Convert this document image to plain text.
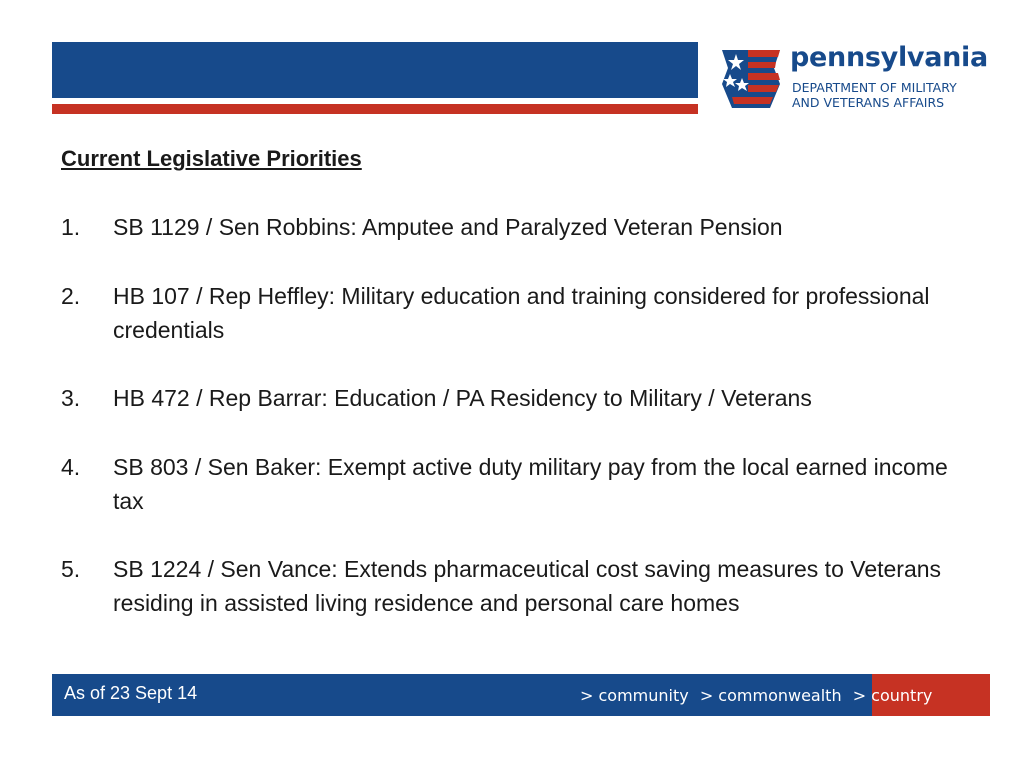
POLICY, PLANNING & LEGISLATIVE AFFAIRS
pennsylvania
DEPARTMENT OF MILITARY
AND VETERANS AFFAIRS
Current Legislative Priorities
1. SB 1129 / Sen Robbins: Amputee and Paralyzed Veteran Pension
2. HB 107 / Rep Heffley: Military education and training considered for professional credentials
3. HB 472 / Rep Barrar: Education / PA Residency to Military / Veterans
4. SB 803 / Sen Baker: Exempt active duty military pay from the local earned income tax
5. SB 1224 / Sen Vance: Extends pharmaceutical cost saving measures to Veterans residing in assisted living residence and personal care homes
As of 23 Sept 14	> community > commonwealth > country
